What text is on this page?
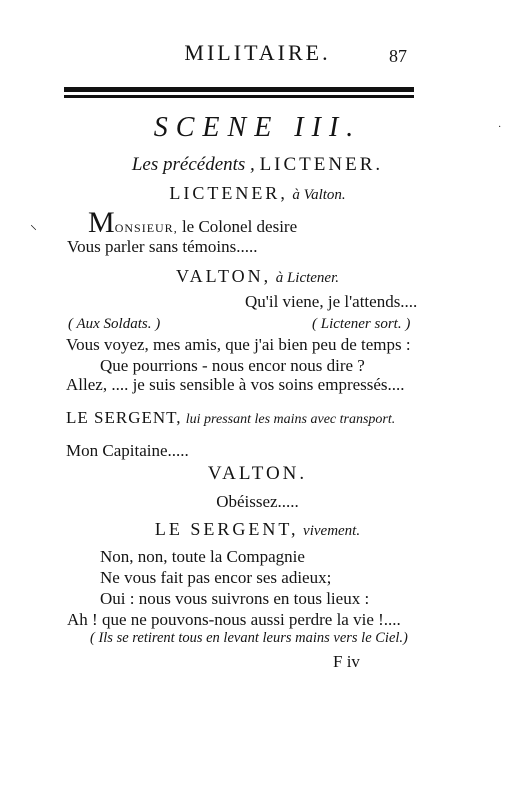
MILITAIRE.	87
SCENE III.	·
Les précédents , LICTENER.
LICTENER, à Valton.
⸜ MONSIEUR, le Colonel desire
Vous parler sans témoins.....
VALTON, à Lictener.
Qu'il viene, je l'attends....
( Aux Soldats. )	( Lictener sort. )
Vous voyez, mes amis, que j'ai bien peu de temps :
Que pourrions - nous encor nous dire ?
Allez, .... je suis sensible à vos soins empressés....
LE SERGENT, lui pressant les mains avec transport.
Mon Capitaine.....
VALTON.
Obéissez.....
LE SERGENT, vivement.
Non, non, toute la Compagnie
Ne vous fait pas encor ses adieux;
Oui : nous vous suivrons en tous lieux :
Ah ! que ne pouvons-nous aussi perdre la vie !....
( Ils se retirent tous en levant leurs mains vers le Ciel.)
F iv
